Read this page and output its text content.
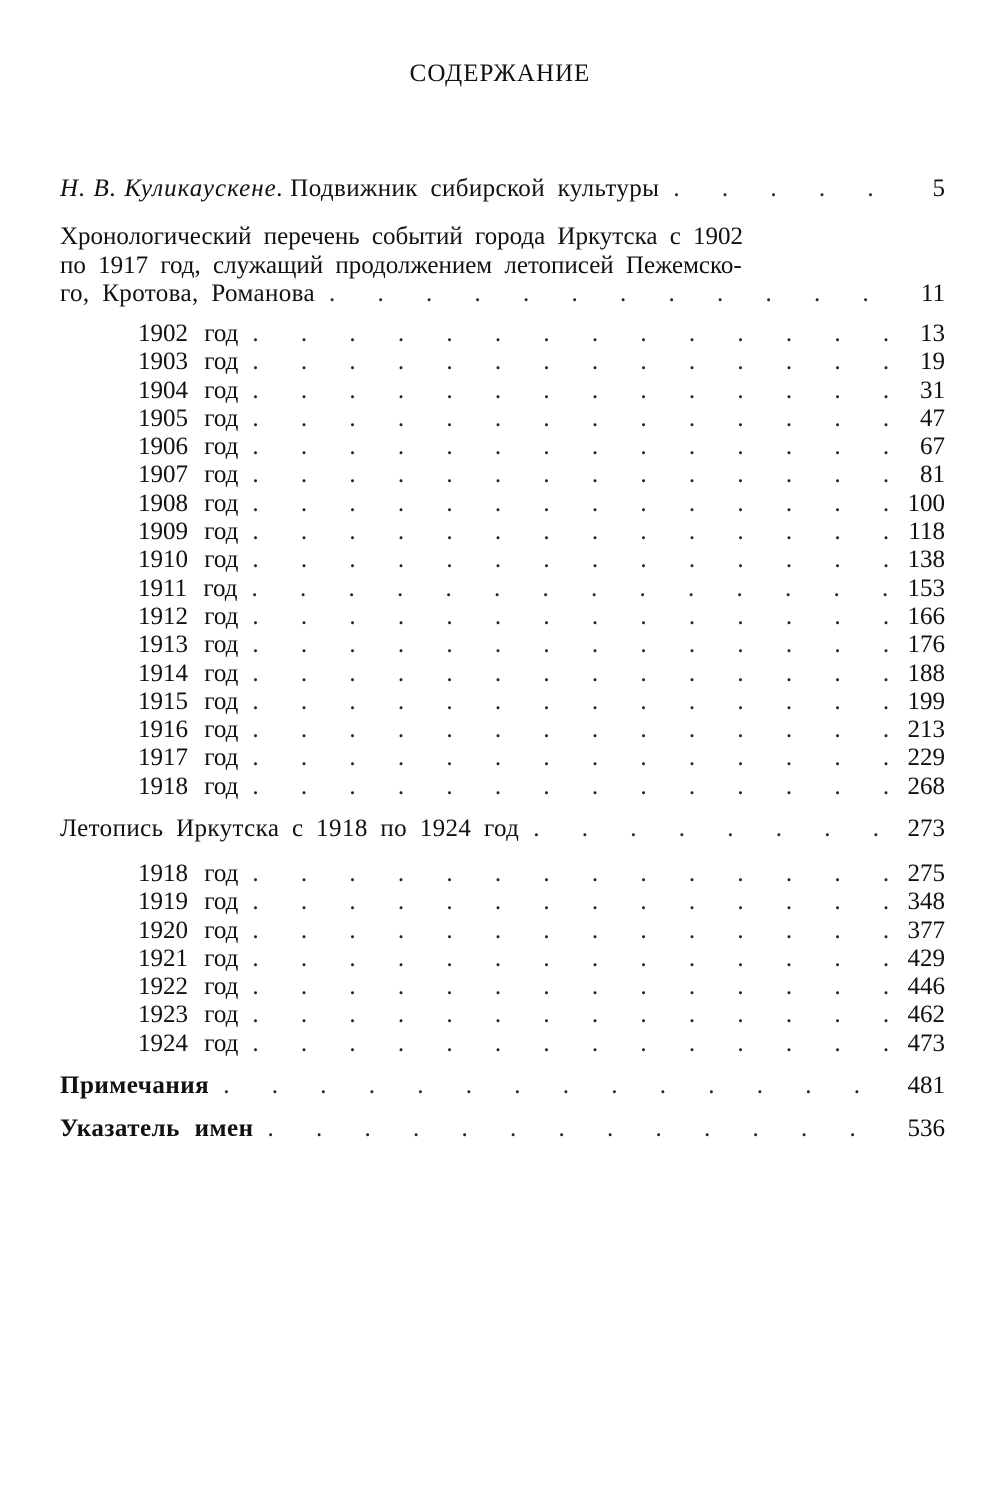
СОДЕРЖАНИЕ
Н. В. Куликаускене.
Подвижник сибирской культуры . . .	5
Хронологический перечень событий города Иркутска с 1902
по 1917 год, служащий продолжением летописей Пежемско-
го, Кротова, Романова . . .	11
1902 год . . .	13
1903 год . . .	19
1904 год . . .	31
1905 год . . .	47
1906 год . . .	67
1907 год . . .	81
1908 год . . .	100
1909 год . . .	118
1910 год . . .	138
1911 год . . .	153
1912 год . . .	166
1913 год . . .	176
1914 год . . .	188
1915 год . . .	199
1916 год . . .	213
1917 год . . .	229
1918 год . . .	268
Летопись Иркутска с 1918 по 1924 год . . .	273
1918 год . . .	275
1919 год . . .	348
1920 год . . .	377
1921 год . . .	429
1922 год . . .	446
1923 год . . .	462
1924 год . . .	473
Примечания . . .	481
Указатель имен . . .	536
